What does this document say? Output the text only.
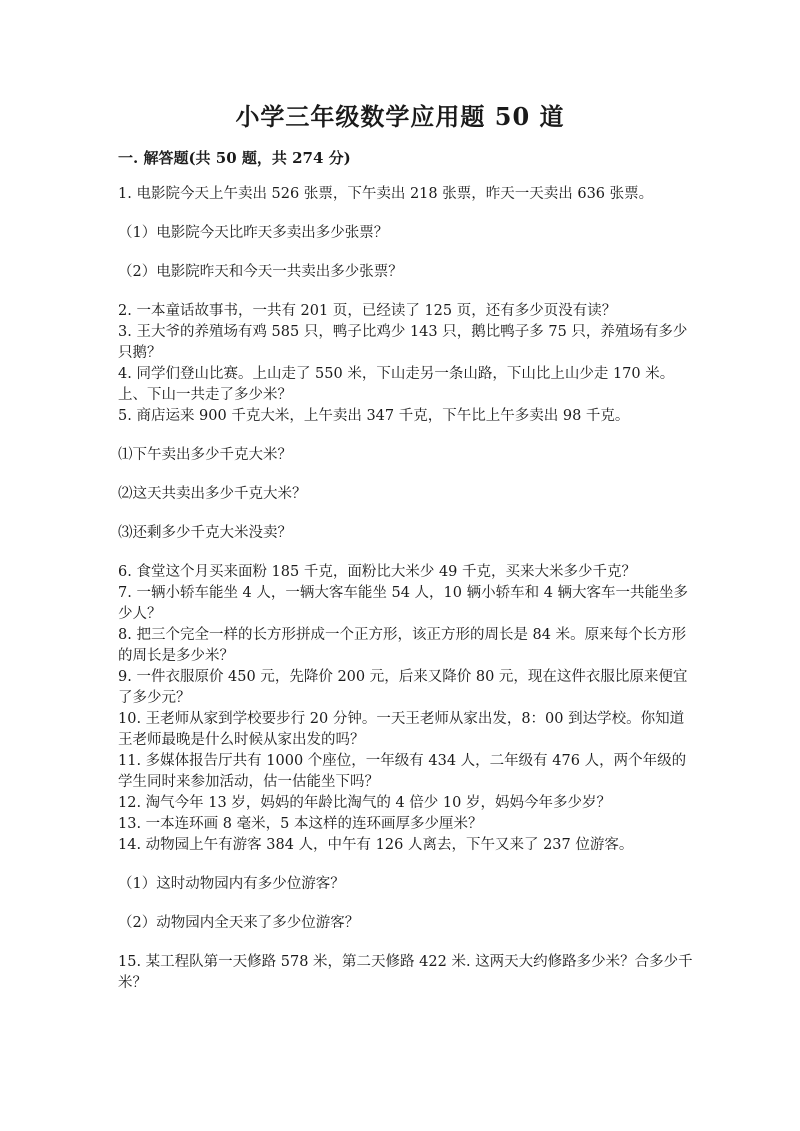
小学三年级数学应用题 50 道
一. 解答题(共 50 题，共 274 分)

1. 电影院今天上午卖出 526 张票，下午卖出 218 张票，昨天一天卖出 636 张票。

（1）电影院今天比昨天多卖出多少张票？

（2）电影院昨天和今天一共卖出多少张票？

2. 一本童话故事书，一共有 201 页，已经读了 125 页，还有多少页没有读？

3. 王大爷的养殖场有鸡 585 只，鸭子比鸡少 143 只，鹅比鸭子多 75 只，养殖场有多少只鹅？

4. 同学们登山比赛。上山走了 550 米，下山走另一条山路，下山比上山少走 170 米。上、下山一共走了多少米？

5. 商店运来 900 千克大米，上午卖出 347 千克，下午比上午多卖出 98 千克。

⑴下午卖出多少千克大米？

⑵这天共卖出多少千克大米？

⑶还剩多少千克大米没卖？

6. 食堂这个月买来面粉 185 千克，面粉比大米少 49 千克，买来大米多少千克？

7. 一辆小轿车能坐 4 人，一辆大客车能坐 54 人，10 辆小轿车和 4 辆大客车一共能坐多少人？

8. 把三个完全一样的长方形拼成一个正方形，该正方形的周长是 84 米。原来每个长方形的周长是多少米？

9. 一件衣服原价 450 元，先降价 200 元，后来又降价 80 元，现在这件衣服比原来便宜了多少元？

10. 王老师从家到学校要步行 20 分钟。一天王老师从家出发，8：00 到达学校。你知道王老师最晚是什么时候从家出发的吗？

11. 多媒体报告厅共有 1000 个座位，一年级有 434 人，二年级有 476 人，两个年级的学生同时来参加活动，估一估能坐下吗？

12. 淘气今年 13 岁，妈妈的年龄比淘气的 4 倍少 10 岁，妈妈今年多少岁？

13. 一本连环画 8 毫米，5 本这样的连环画厚多少厘米？

14. 动物园上午有游客 384 人，中午有 126 人离去，下午又来了 237 位游客。

（1）这时动物园内有多少位游客？

（2）动物园内全天来了多少位游客？

15. 某工程队第一天修路 578 米，第二天修路 422 米. 这两天大约修路多少米？合多少千米？
